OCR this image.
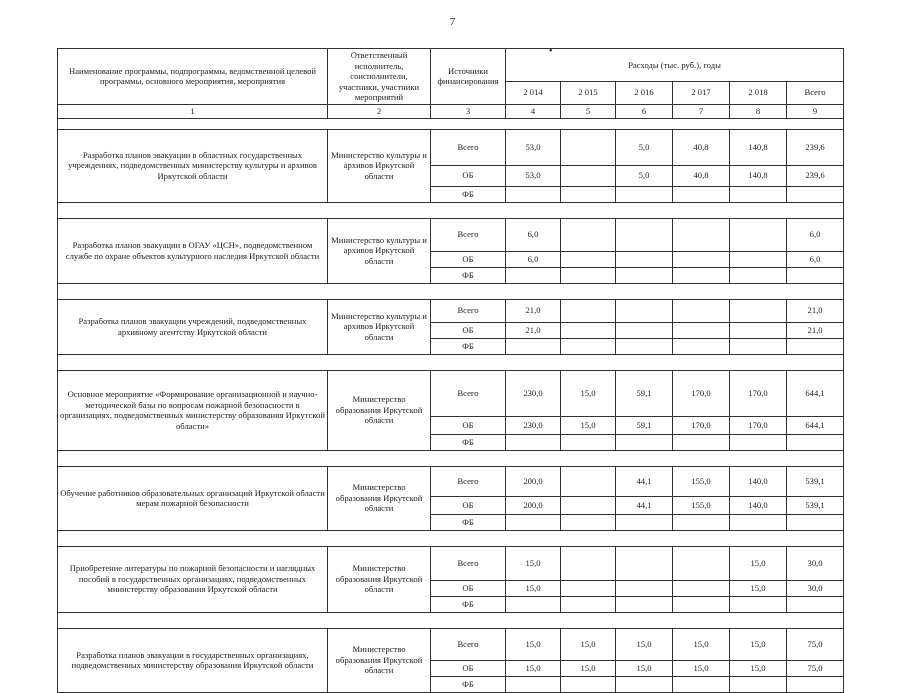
7
•
Наименование программы, подпрограммы, ведомственной целевой программы, основного мероприятия, мероприятия	Ответственный исполнитель, соисполнители, участники, участники мероприятий	Источники финансирования	Расходы (тыс. руб.), годы					
			2 014	2 015	2 016	2 017	2 018	Всего
1	2	3	4	5	6	7	8	9

Разработка планов эвакуации в областных государственных учреждениях, подведомственных министерству культуры и архивов Иркутской области	Министерство культуры и архивов Иркутской области	Всего	53,0		5,0	40,8	140,8	239,6
		ОБ	53,0		5,0	40,8	140,8	239,6
		ФБ						

Разработка планов эвакуации в ОГАУ «ЦСН», подведомственном службе по охране объектов культурного наследия Иркутской области	Министерство культуры и архивов Иркутской области	Всего	6,0					6,0
		ОБ	6,0					6,0
		ФБ						

Разработка планов эвакуации учреждений, подведомственных архивному агентству Иркутской области	Министерство культуры и архивов Иркутской области	Всего	21,0					21,0
		ОБ	21,0					21,0
		ФБ						

Основное мероприятие «Формирование организационной и научно-методической базы по вопросам пожарной безопасности в организациях, подведомственных министерству образования Иркутской области»	Министерство образования Иркутской области	Всего	230,0	15,0	59,1	170,0	170,0	644,1
		ОБ	230,0	15,0	59,1	170,0	170,0	644,1
		ФБ						

Обучение работников образовательных организаций Иркутской области мерам пожарной безопасности	Министерство образования Иркутской области	Всего	200,0		44,1	155,0	140,0	539,1
		ОБ	200,0		44,1	155,0	140,0	539,1
		ФБ						

Приобретение литературы по пожарной безопасности и наглядных пособий в государственных организациях, подведомственных министерству образования Иркутской области	Министерство образования Иркутской области	Всего	15,0				15,0	30,0
		ОБ	15,0				15,0	30,0
		ФБ						

Разработка планов эвакуации в государственных организациях, подведомственных министерству образования Иркутской области	Министерство образования Иркутской области	Всего	15,0	15,0	15,0	15,0	15,0	75,0
		ОБ	15,0	15,0	15,0	15,0	15,0	75,0
		ФБ						
